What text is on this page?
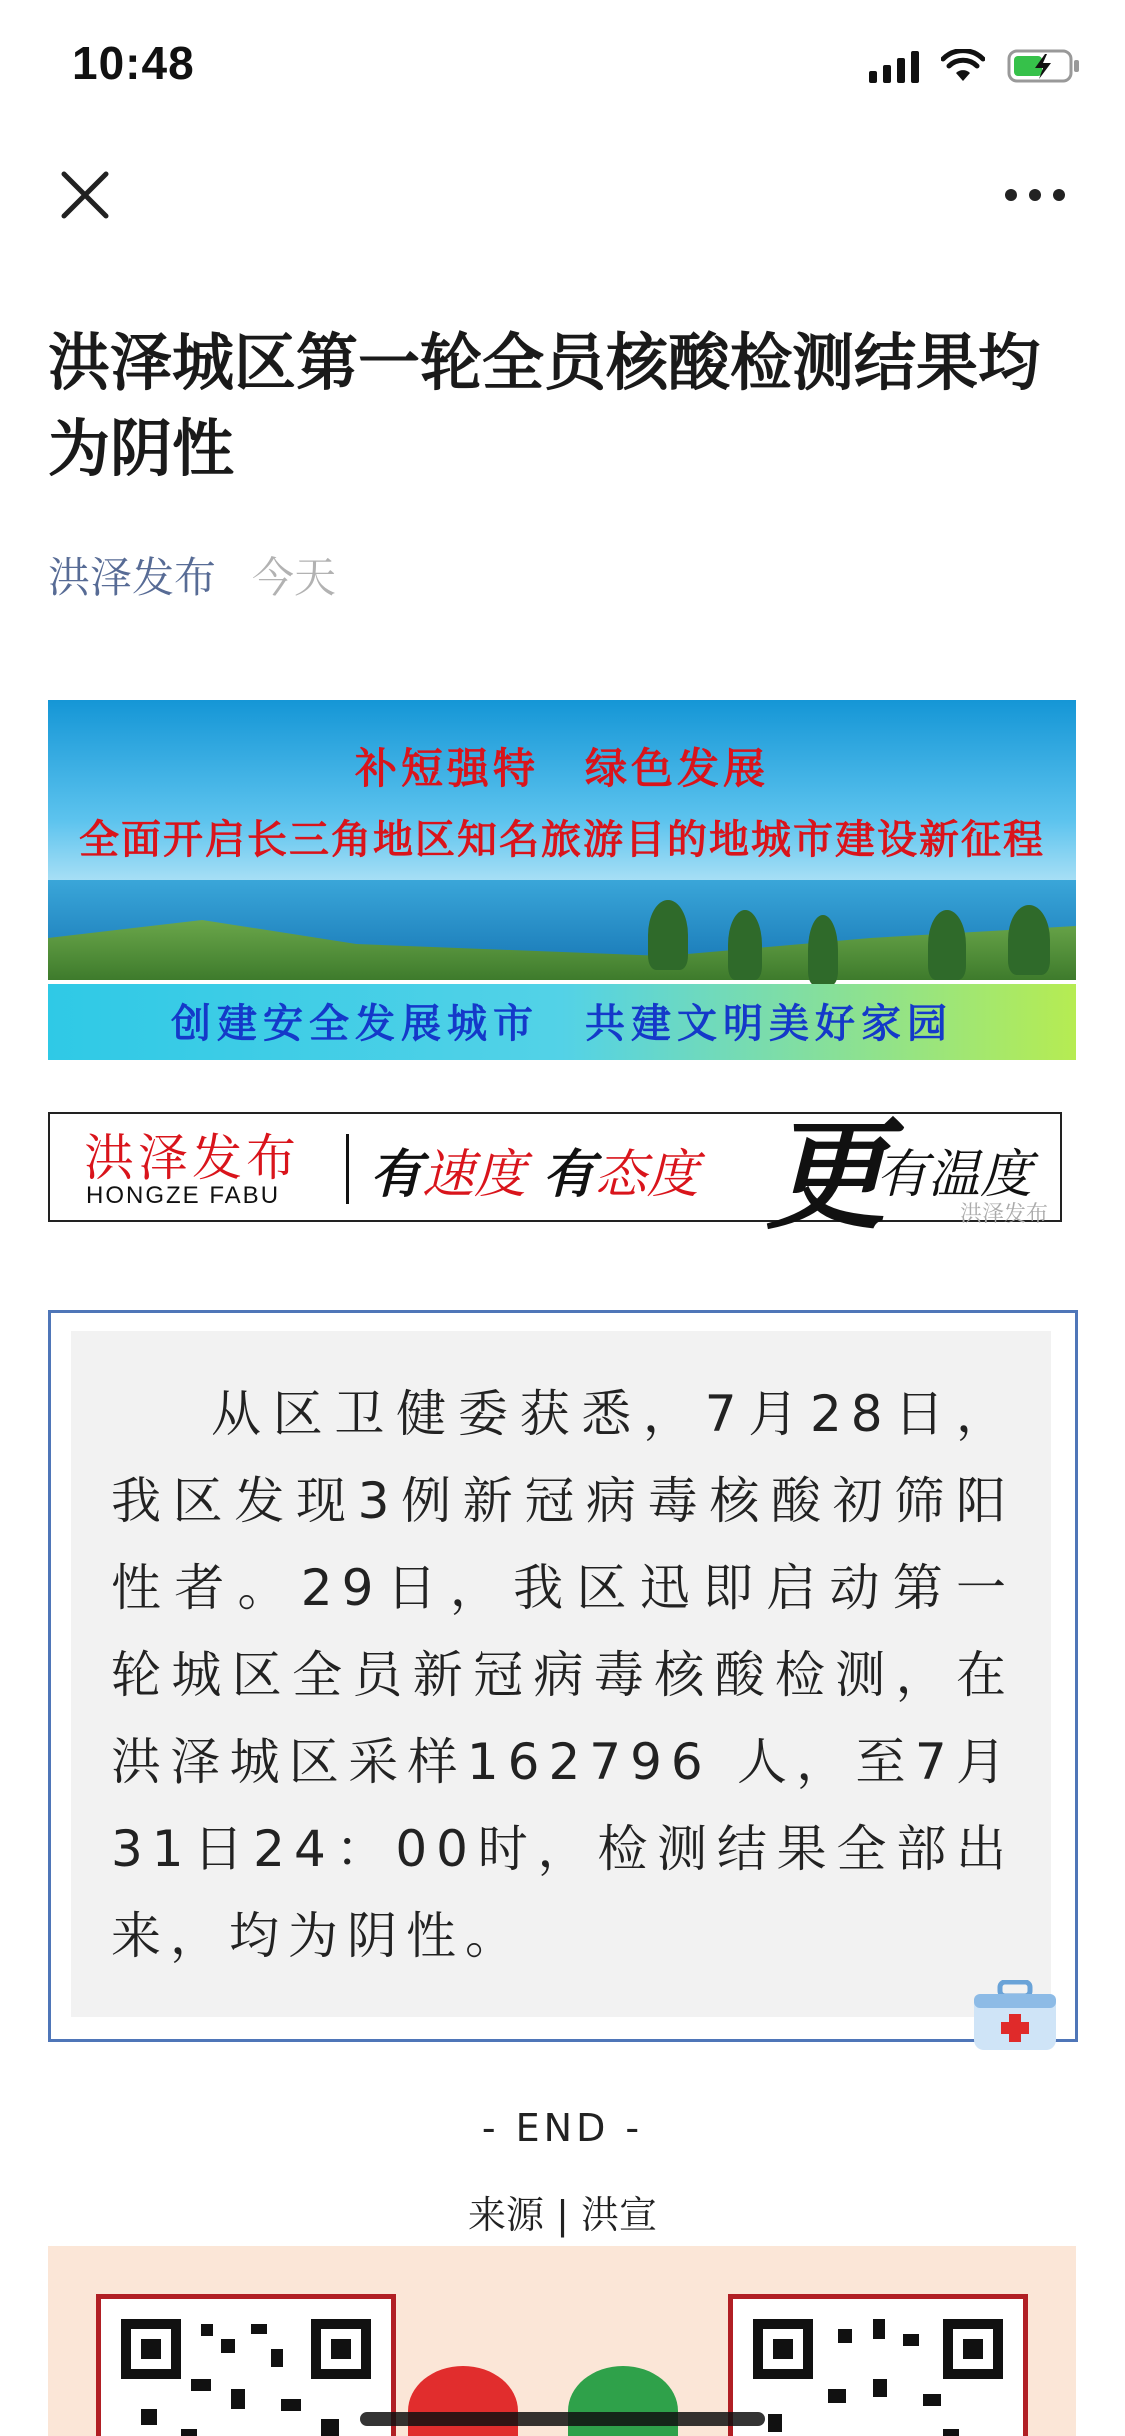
10:48
洪泽城区第一轮全员核酸检测结果均为阴性
洪泽发布 今天
补短强特　绿色发展
全面开启长三角地区知名旅游目的地城市建设新征程
创建安全发展城市　共建文明美好家园
洪泽发布
HONGZE FABU 有速度 有态度 更
有温度
洪泽发布

从区卫健委获悉，7月28日，我区发现3例新冠病毒核酸初筛阳性者。29日，我区迅即启动第一轮城区全员新冠病毒核酸检测，在洪泽城区采样162796 人，至7月31日24：00时，检测结果全部出来，均为阴性。

- END -
来源 | 洪宣
